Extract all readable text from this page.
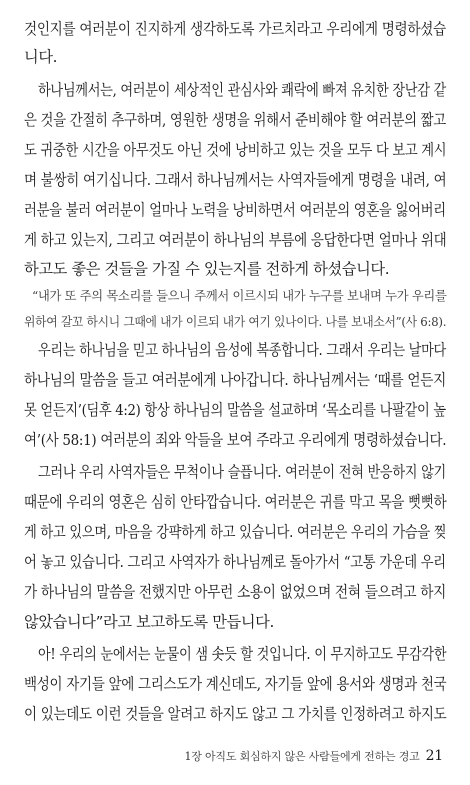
것인지를 여러분이 진지하게 생각하도록 가르치라고 우리에게 명령하셨습
니다.
하나님께서는, 여러분이 세상적인 관심사와 쾌락에 빠져 유치한 장난감 같
은 것을 간절히 추구하며, 영원한 생명을 위해서 준비해야 할 여러분의 짧고
도 귀중한 시간을 아무것도 아닌 것에 낭비하고 있는 것을 모두 다 보고 계시
며 불쌍히 여기십니다. 그래서 하나님께서는 사역자들에게 명령을 내려, 여
러분을 불러 여러분이 얼마나 노력을 낭비하면서 여러분의 영혼을 잃어버리
게 하고 있는지, 그리고 여러분이 하나님의 부름에 응답한다면 얼마나 위대
하고도 좋은 것들을 가질 수 있는지를 전하게 하셨습니다.
“내가 또 주의 목소리를 들으니 주께서 이르시되 내가 누구를 보내며 누가 우리를
위하여 갈꼬 하시니 그때에 내가 이르되 내가 여기 있나이다. 나를 보내소서”(사 6:8).
우리는 하나님을 믿고 하나님의 음성에 복종합니다. 그래서 우리는 날마다
하나님의 말씀을 들고 여러분에게 나아갑니다. 하나님께서는 ‘때를 얻든지
못 얻든지’(딤후 4:2) 항상 하나님의 말씀을 설교하며 ‘목소리를 나팔같이 높
여’(사 58:1) 여러분의 죄와 악들을 보여 주라고 우리에게 명령하셨습니다.
그러나 우리 사역자들은 무척이나 슬픕니다. 여러분이 전혀 반응하지 않기
때문에 우리의 영혼은 심히 안타깝습니다. 여러분은 귀를 막고 목을 뻣뻣하
게 하고 있으며, 마음을 강퍅하게 하고 있습니다. 여러분은 우리의 가슴을 찢
어 놓고 있습니다. 그리고 사역자가 하나님께로 돌아가서 “고통 가운데 우리
가 하나님의 말씀을 전했지만 아무런 소용이 없었으며 전혀 들으려고 하지
않았습니다”라고 보고하도록 만듭니다.
아! 우리의 눈에서는 눈물이 샘 솟듯 할 것입니다. 이 무지하고도 무감각한
백성이 자기들 앞에 그리스도가 계신데도, 자기들 앞에 용서와 생명과 천국
이 있는데도 이런 것들을 알려고 하지도 않고 그 가치를 인정하려고 하지도
1장 아직도 회심하지 않은 사람들에게 전하는 경고 21
